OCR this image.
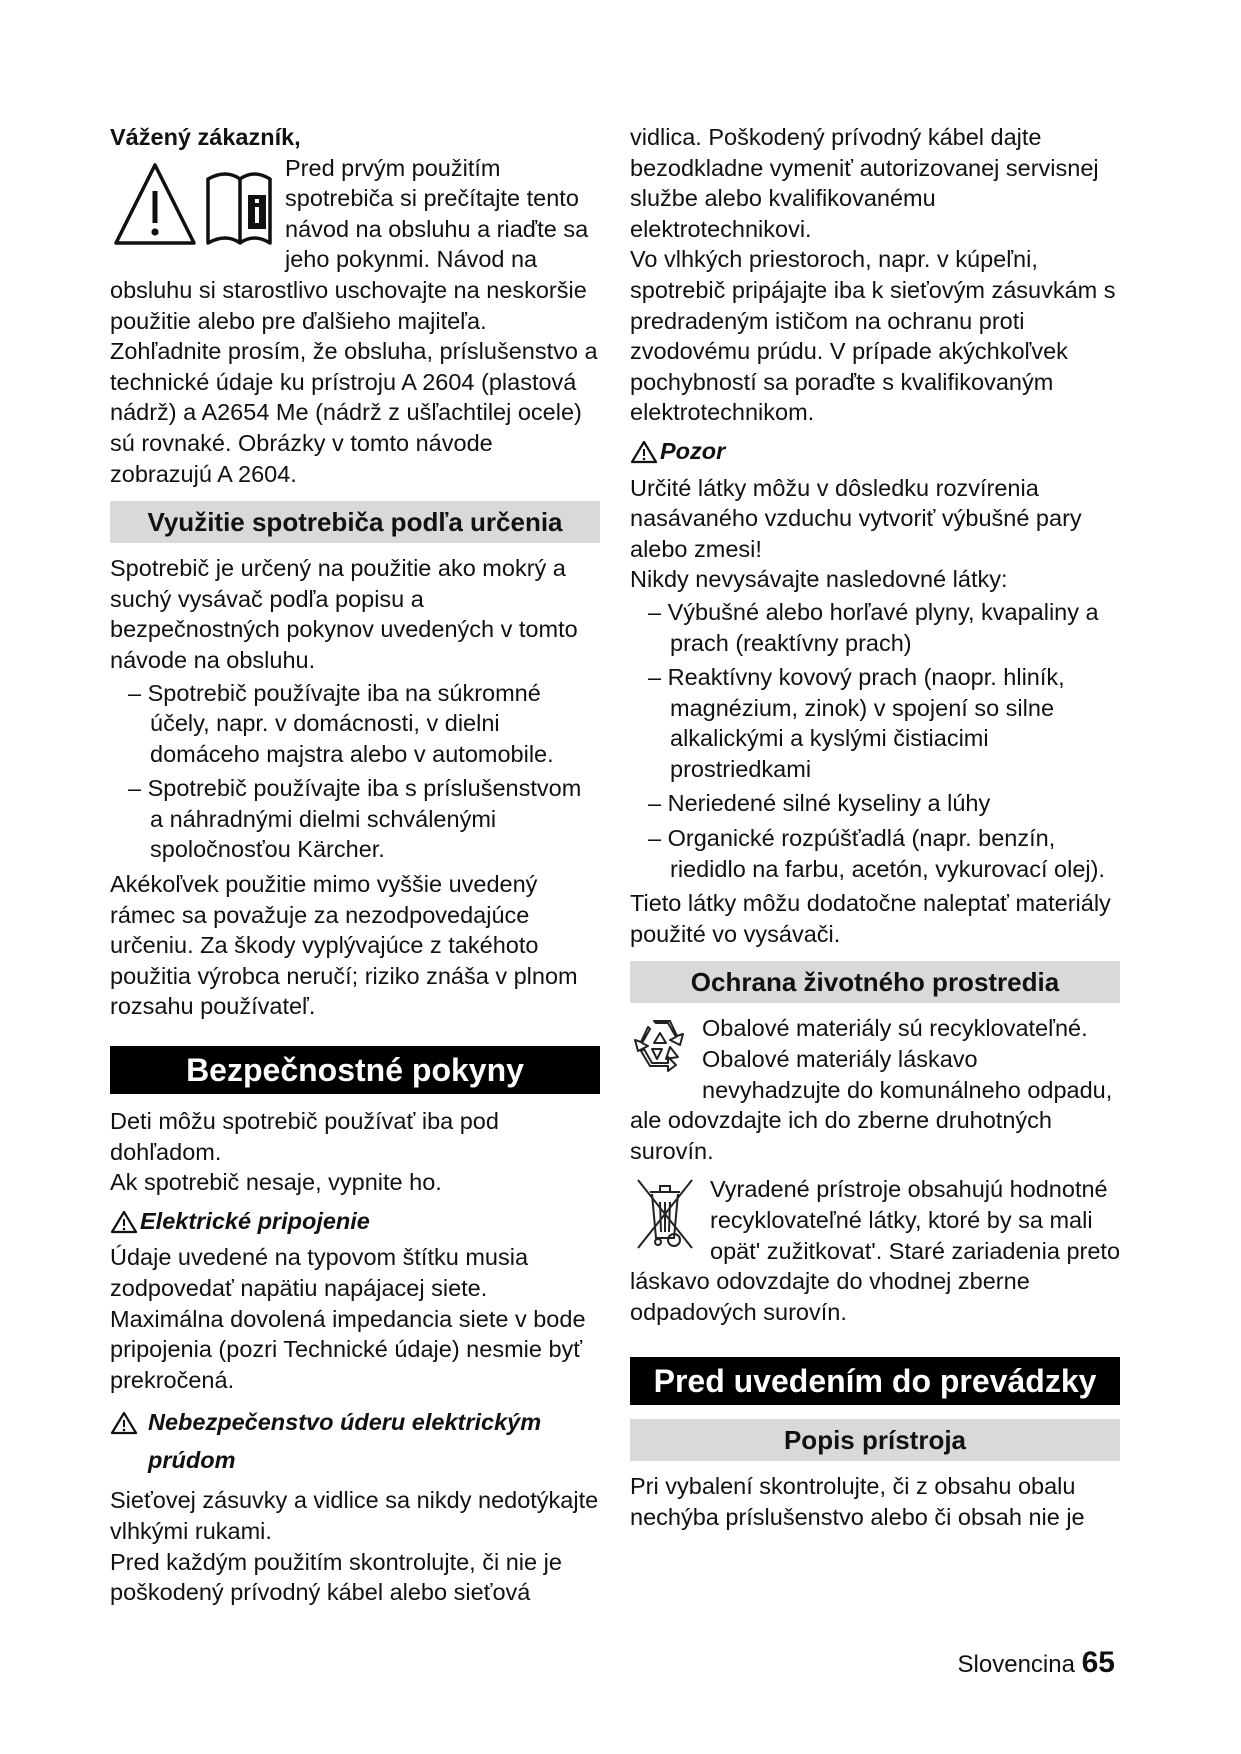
Vážený zákazník,

Pred prvým použitím spotrebiča si prečítajte tento návod na obsluhu a riaďte sa jeho pokynmi. Návod na obsluhu si starostlivo uschovajte na neskoršie použitie alebo pre ďalšieho majiteľa.

Zohľadnite prosím, že obsluha, príslušenstvo a technické údaje ku prístroju A 2604 (plastová nádrž) a A2654 Me (nádrž z ušľachtilej ocele) sú rovnaké. Obrázky v tomto návode zobrazujú A 2604.

Využitie spotrebiča podľa určenia

Spotrebič je určený na použitie ako mokrý a suchý vysávač podľa popisu a bezpečnostných pokynov uvedených v tomto návode na obsluhu.

– Spotrebič používajte iba na súkromné účely, napr. v domácnosti, v dielni domáceho majstra alebo v automobile.
– Spotrebič používajte iba s príslušenstvom a náhradnými dielmi schválenými spoločnosťou Kärcher.

Akékoľvek použitie mimo vyššie uvedený rámec sa považuje za nezodpovedajúce určeniu. Za škody vyplývajúce z takéhoto použitia výrobca neručí; riziko znáša v plnom rozsahu používateľ.

Bezpečnostné pokyny

Deti môžu spotrebič používať iba pod dohľadom.

Ak spotrebič nesaje, vypnite ho.

Elektrické pripojenie

Údaje uvedené na typovom štítku musia zodpovedať napätiu napájacej siete. Maximálna dovolená impedancia siete v bode pripojenia (pozri Technické údaje) nesmie byť prekročená.

Nebezpečenstvo úderu elektrickým prúdom

Sieťovej zásuvky a vidlice sa nikdy nedotýkajte vlhkými rukami.

Pred každým použitím skontrolujte, či nie je poškodený prívodný kábel alebo sieťová

vidlica. Poškodený prívodný kábel dajte bezodkladne vymeniť autorizovanej servisnej službe alebo kvalifikovanému elektrotechnikovi.

Vo vlhkých priestoroch, napr. v kúpeľni, spotrebič pripájajte iba k sieťovým zásuvkám s predradeným ističom na ochranu proti zvodovému prúdu. V prípade akýchkoľvek pochybností sa poraďte s kvalifikovaným elektrotechnikom.

Pozor

Určité látky môžu v dôsledku rozvírenia nasávaného vzduchu vytvoriť výbušné pary alebo zmesi!

Nikdy nevysávajte nasledovné látky:

– Výbušné alebo horľavé plyny, kvapaliny a prach (reaktívny prach)
– Reaktívny kovový prach (naopr. hliník, magnézium, zinok) v spojení so silne alkalickými a kyslými čistiacimi prostriedkami
– Neriedené silné kyseliny a lúhy
– Organické rozpúšťadlá (napr. benzín, riedidlo na farbu, acetón, vykurovací olej).

Tieto látky môžu dodatočne naleptať materiály použité vo vysávači.

Ochrana životného prostredia

Obalové materiály sú recyklovateľné. Obalové materiály láskavo nevyhadzujte do komunálneho odpadu, ale odovzdajte ich do zberne druhotných surovín.

Vyradené prístroje obsahujú hodnotné recyklovateľné látky, ktoré by sa mali opät' zužitkovat'. Staré zariadenia preto láskavo odovzdajte do vhodnej zberne odpadových surovín.

Pred uvedením do prevádzky
Popis prístroja

Pri vybalení skontrolujte, či z obsahu obalu nechýba príslušenstvo alebo či obsah nie je

Slovencina 65
